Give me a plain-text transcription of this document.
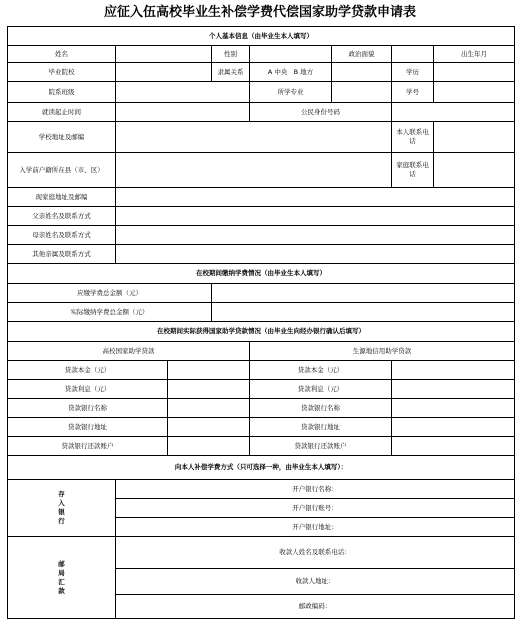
应征入伍高校毕业生补偿学费代偿国家助学贷款申请表
个人基本信息（由毕业生本人填写）							
姓名			性别		政治面貌		出生年月
毕业院校			隶属关系	A 中央 B 地方		学历	
院系班级				所学专业		学号	
就读起止时间				公民身份号码			
学校地址及邮编						本人联系电话	
入学前户籍所在县（市、区）						家庭联系电话	
现家庭地址及邮编							
父亲姓名及联系方式							
母亲姓名及联系方式							
其他亲属及联系方式							
在校期间缴纳学费情况（由毕业生本人填写）							
应缴学费总金额（元）							
实际缴纳学费总金额（元）							
在校期间实际获得国家助学贷款情况（由毕业生向经办银行确认后填写）							
高校国家助学贷款				生源地信用助学贷款			
贷款本金（元）				贷款本金（元）			
贷款利息（元）				贷款利息（元）			
贷款银行名称				贷款银行名称			
贷款银行地址				贷款银行地址			
贷款银行还款账户				贷款银行还款账户			
向本人补偿学费方式（只可选择一种，由毕业生本人填写）：							

存入银行	开户银行名称：						
	开户银行账号：						
	开户银行地址：						

邮局汇款	收款人姓名及联系电话：						
	收款人地址：						
	邮政编码：						
